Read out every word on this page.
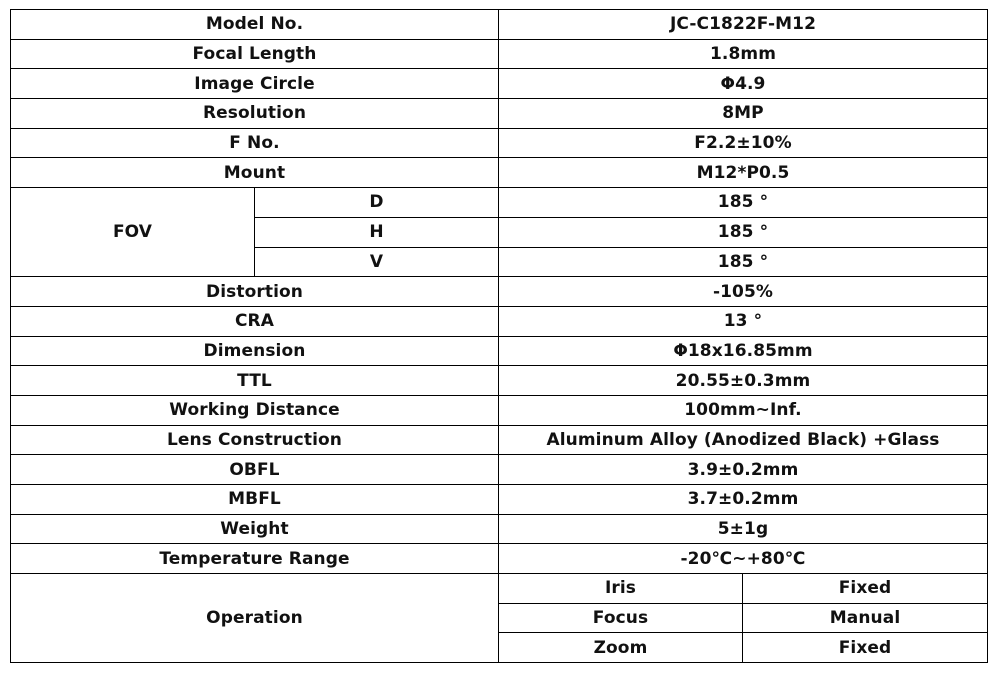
Model No.		JC-C1822F-M12	
Focal Length		1.8mm	
Image Circle		Φ4.9	
Resolution		8MP	
F No.		F2.2±10%	
Mount		M12*P0.5	
FOV	D	185 °	
	H	185 °	
	V	185 °	
Distortion		-105%	
CRA		13 °	
Dimension		Φ18x16.85mm	
TTL		20.55±0.3mm	
Working Distance		100mm~Inf.	
Lens Construction		Aluminum Alloy (Anodized Black) +Glass	
OBFL		3.9±0.2mm	
MBFL		3.7±0.2mm	
Weight		5±1g	
Temperature Range		-20℃~+80℃	
Operation		Iris	Fixed
		Focus	Manual
		Zoom	Fixed
